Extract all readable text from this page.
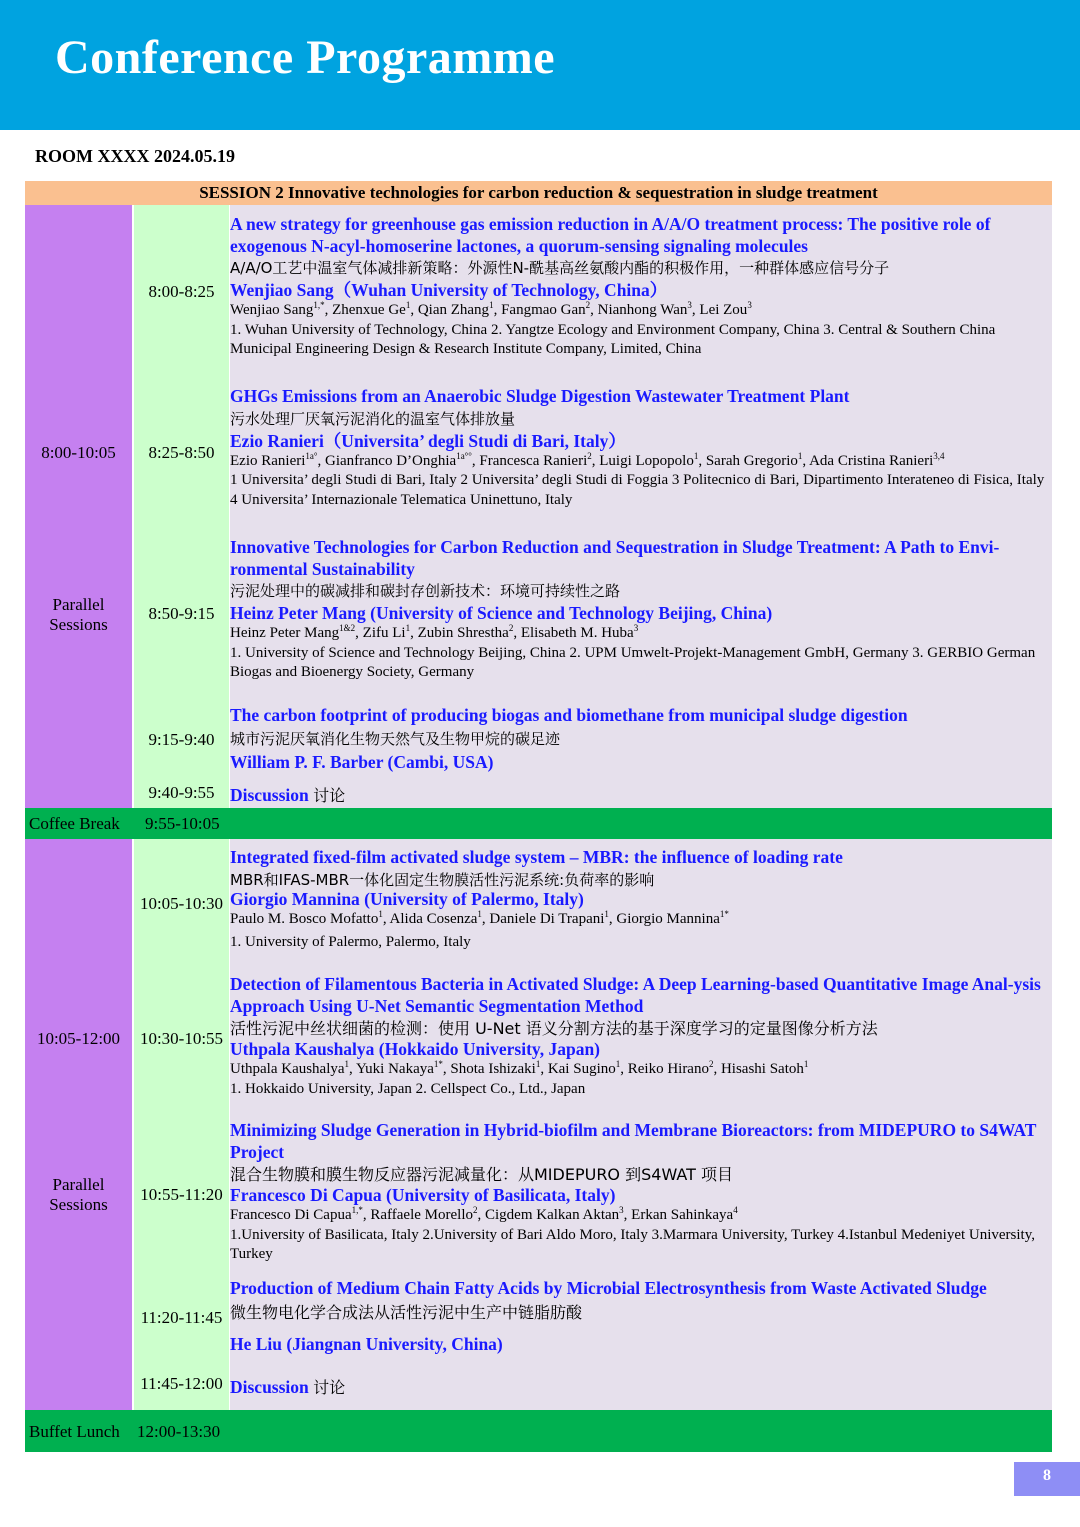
Conference Programme
ROOM XXXX 2024.05.19
SESSION 2 Innovative technologies for carbon reduction & sequestration in sludge treatment
Coffee Break 9:55-10:05
Buffet Lunch 12:00-13:30
8:00-10:05
Parallel
Sessions
10:05-12:00
Parallel
Sessions
8:00-8:25
8:25-8:50
8:50-9:15
9:15-9:40
9:40-9:55
10:05-10:30
10:30-10:55
10:55-11:20
11:20-11:45
11:45-12:00
A new strategy for greenhouse gas emission reduction in A/A/O treatment process: The positive role of exogenous N-acyl-homoserine lactones, a quorum-sensing signaling molecules
A/A/O工艺中温室气体减排新策略：外源性N-酰基高丝氨酸内酯的积极作用，一种群体感应信号分子
Wenjiao Sang（Wuhan University of Technology, China）
Wenjiao Sang$^{1,*}$, Zhenxue Ge$^1$, Qian Zhang$^1$, Fangmao Gan$^2$, Nianhong Wan$^3$, Lei Zou$^3$
1. Wuhan University of Technology, China 2. Yangtze Ecology and Environment Company, China 3. Central & Southern China Municipal Engineering Design & Research Institute Company, Limited, China
GHGs Emissions from an Anaerobic Sludge Digestion Wastewater Treatment Plant
污水处理厂厌氧污泥消化的温室气体排放量
Ezio Ranieri（Universita’ degli Studi di Bari, Italy）
Ezio Ranieri$^{1a^\circ}$, Gianfranco D’Onghia$^{1a^\circ^\circ}$, Francesca Ranieri$^2$, Luigi Lopopolo$^1$, Sarah Gregorio$^1$, Ada Cristina Ranieri$^{3,4}$
1 Universita’ degli Studi di Bari, Italy 2 Universita’ degli Studi di Foggia 3 Politecnico di Bari, Dipartimento Interateneo di Fisica, Italy 4 Universita’ Internazionale Telematica Uninettuno, Italy
Innovative Technologies for Carbon Reduction and Sequestration in Sludge Treatment: A Path to Envi-ronmental Sustainability
污泥处理中的碳减排和碳封存创新技术：环境可持续性之路
Heinz Peter Mang (University of Science and Technology Beijing, China)
Heinz Peter Mang$^{1\&2}$, Zifu Li$^1$, Zubin Shrestha$^2$, Elisabeth M. Huba$^3$
1. University of Science and Technology Beijing, China 2. UPM Umwelt-Projekt-Management GmbH, Germany 3. GERBIO German Biogas and Bioenergy Society, Germany
The carbon footprint of producing biogas and biomethane from municipal sludge digestion
城市污泥厌氧消化生物天然气及生物甲烷的碳足迹
William P. F. Barber (Cambi, USA)
Discussion 讨论
Integrated fixed-film activated sludge system – MBR: the influence of loading rate
MBR和IFAS-MBR一体化固定生物膜活性污泥系统:负荷率的影响
Giorgio Mannina (University of Palermo, Italy)
Paulo M. Bosco Mofatto$^1$, Alida Cosenza$^1$, Daniele Di Trapani$^1$, Giorgio Mannina$^{1*}$
1. University of Palermo, Palermo, Italy
Detection of Filamentous Bacteria in Activated Sludge: A Deep Learning-based Quantitative Image Anal-ysis Approach Using U-Net Semantic Segmentation Method
活性污泥中丝状细菌的检测：使用 U-Net 语义分割方法的基于深度学习的定量图像分析方法
Uthpala Kaushalya (Hokkaido University, Japan)
Uthpala Kaushalya$^1$, Yuki Nakaya$^{1*}$, Shota Ishizaki$^1$, Kai Sugino$^1$, Reiko Hirano$^2$, Hisashi Satoh$^1$
1. Hokkaido University, Japan 2. Cellspect Co., Ltd., Japan
Minimizing Sludge Generation in Hybrid-biofilm and Membrane Bioreactors: from MIDEPURO to S4WAT Project
混合生物膜和膜生物反应器污泥减量化：从MIDEPURO 到S4WAT 项目
Francesco Di Capua (University of Basilicata, Italy)
Francesco Di Capua$^{1,*}$, Raffaele Morello$^2$, Cigdem Kalkan Aktan$^3$, Erkan Sahinkaya$^4$
1.University of Basilicata, Italy 2.University of Bari Aldo Moro, Italy 3.Marmara University, Turkey 4.Istanbul Medeniyet University, Turkey
Production of Medium Chain Fatty Acids by Microbial Electrosynthesis from Waste Activated Sludge
微生物电化学合成法从活性污泥中生产中链脂肪酸
He Liu (Jiangnan University, China)
Discussion 讨论
8
